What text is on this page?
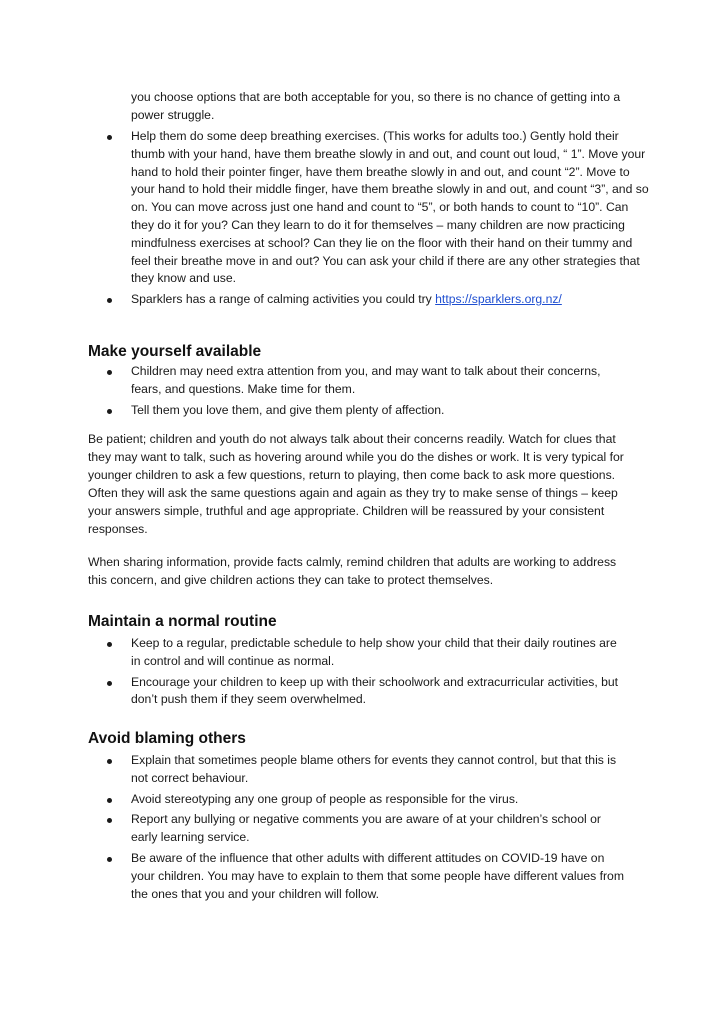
you choose options that are both acceptable for you, so there is no chance of getting into a power struggle.
Help them do some deep breathing exercises. (This works for adults too.) Gently hold their thumb with your hand, have them breathe slowly in and out, and count out loud, “ 1”. Move your hand to hold their pointer finger, have them breathe slowly in and out, and count “2”. Move to your hand to hold their middle finger, have them breathe slowly in and out, and count “3”, and so on. You can move across just one hand and count to “5”, or both hands to count to “10”. Can they do it for you? Can they learn to do it for themselves – many children are now practicing mindfulness exercises at school? Can they lie on the floor with their hand on their tummy and feel their breathe move in and out? You can ask your child if there are any other strategies that they know and use.
Sparklers has a range of calming activities you could try https://sparklers.org.nz/
Make yourself available
Children may need extra attention from you, and may want to talk about their concerns, fears, and questions. Make time for them.
Tell them you love them, and give them plenty of affection.

Be patient; children and youth do not always talk about their concerns readily. Watch for clues that they may want to talk, such as hovering around while you do the dishes or work. It is very typical for younger children to ask a few questions, return to playing, then come back to ask more questions. Often they will ask the same questions again and again as they try to make sense of things – keep your answers simple, truthful and age appropriate. Children will be reassured by your consistent responses.

When sharing information, provide facts calmly, remind children that adults are working to address this concern, and give children actions they can take to protect themselves.

Maintain a normal routine
Keep to a regular, predictable schedule to help show your child that their daily routines are in control and will continue as normal.
Encourage your children to keep up with their schoolwork and extracurricular activities, but don’t push them if they seem overwhelmed.
Avoid blaming others
Explain that sometimes people blame others for events they cannot control, but that this is not correct behaviour.
Avoid stereotyping any one group of people as responsible for the virus.
Report any bullying or negative comments you are aware of at your children’s school or early learning service.
Be aware of the influence that other adults with different attitudes on COVID-19 have on your children. You may have to explain to them that some people have different values from the ones that you and your children will follow.
